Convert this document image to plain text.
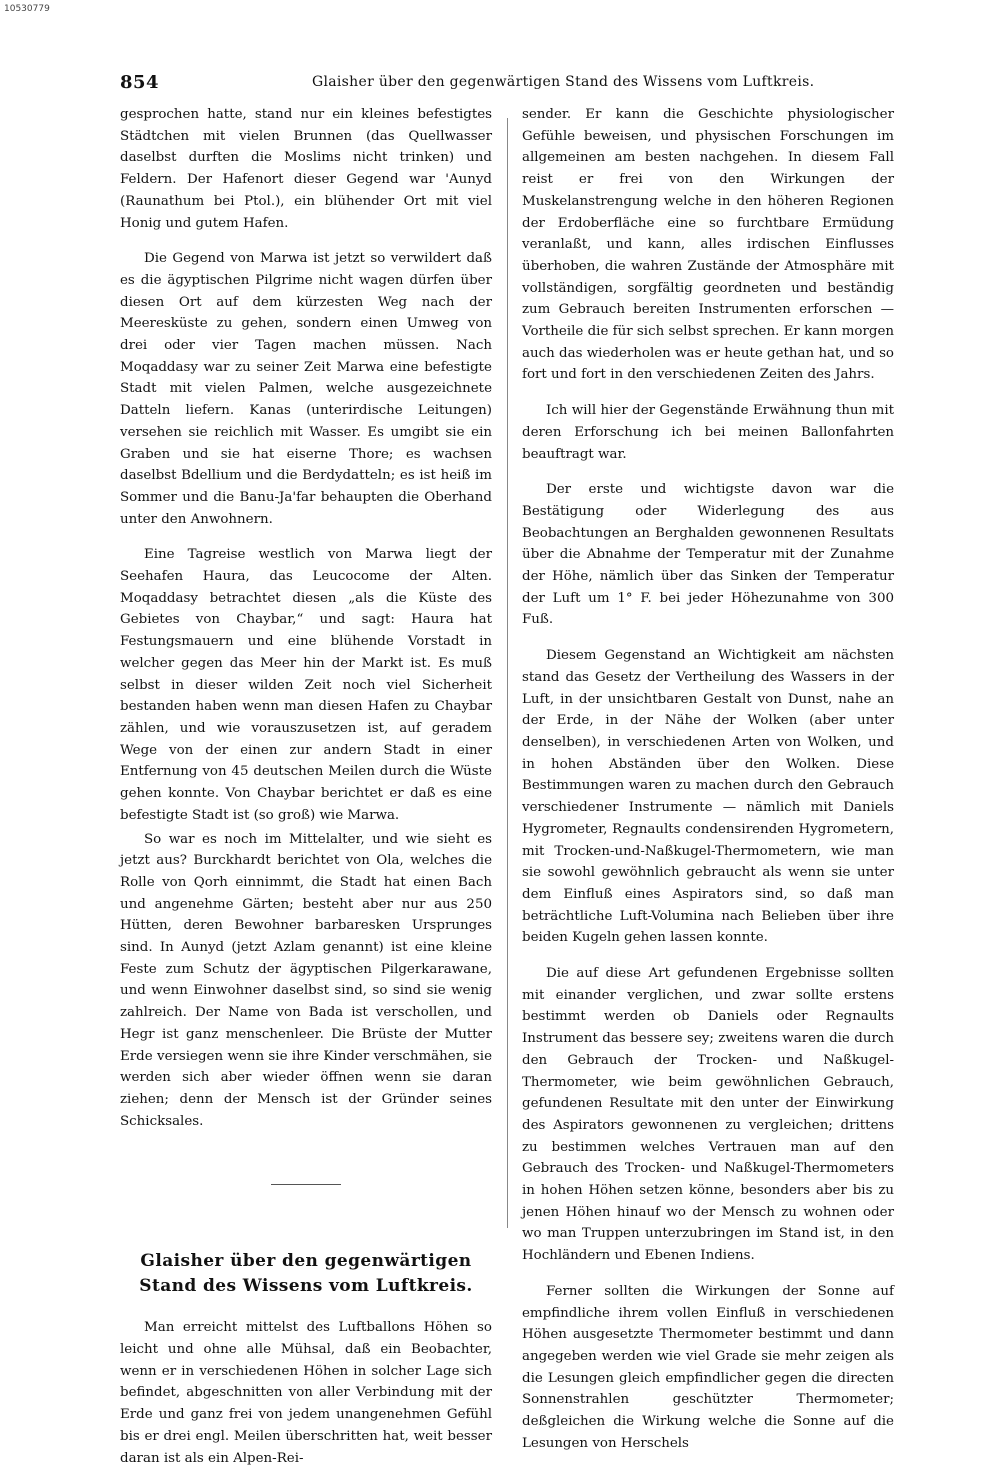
10530779
854	Glaisher über den gegenwärtigen Stand des Wissens vom Luftkreis.

gesprochen hatte, stand nur ein kleines befestigtes Städtchen mit vielen Brunnen (das Quellwasser daselbst durften die Moslims nicht trinken) und Feldern. Der Hafenort dieser Gegend war 'Aunyd (Raunathum bei Ptol.), ein blühender Ort mit viel Honig und gutem Hafen.

Die Gegend von Marwa ist jetzt so verwildert daß es die ägyptischen Pilgrime nicht wagen dürfen über diesen Ort auf dem kürzesten Weg nach der Meeresküste zu gehen, sondern einen Umweg von drei oder vier Tagen machen müssen. Nach Moqaddasy war zu seiner Zeit Marwa eine befestigte Stadt mit vielen Palmen, welche ausgezeichnete Datteln liefern. Kanas (unterirdische Leitungen) versehen sie reichlich mit Wasser. Es umgibt sie ein Graben und sie hat eiserne Thore; es wachsen daselbst Bdellium und die Berdydatteln; es ist heiß im Sommer und die Banu-Ja'far behaupten die Oberhand unter den Anwohnern.

Eine Tagreise westlich von Marwa liegt der Seehafen Haura, das Leucocome der Alten. Moqaddasy betrachtet diesen „als die Küste des Gebietes von Chaybar,“ und sagt: Haura hat Festungsmauern und eine blühende Vorstadt in welcher gegen das Meer hin der Markt ist. Es muß selbst in dieser wilden Zeit noch viel Sicherheit bestanden haben wenn man diesen Hafen zu Chaybar zählen, und wie vorauszusetzen ist, auf geradem Wege von der einen zur andern Stadt in einer Entfernung von 45 deutschen Meilen durch die Wüste gehen konnte. Von Chaybar berichtet er daß es eine befestigte Stadt ist (so groß) wie Marwa.

So war es noch im Mittelalter, und wie sieht es jetzt aus? Burckhardt berichtet von Ola, welches die Rolle von Qorh einnimmt, die Stadt hat einen Bach und angenehme Gärten; besteht aber nur aus 250 Hütten, deren Bewohner barbaresken Ursprunges sind. In Aunyd (jetzt Azlam genannt) ist eine kleine Feste zum Schutz der ägyptischen Pilgerkarawane, und wenn Einwohner daselbst sind, so sind sie wenig zahlreich. Der Name von Bada ist verschollen, und Hegr ist ganz menschenleer. Die Brüste der Mutter Erde versiegen wenn sie ihre Kinder verschmähen, sie werden sich aber wieder öffnen wenn sie daran ziehen; denn der Mensch ist der Gründer seines Schicksales.

Glaisher über den gegenwärtigen Stand des Wissens vom Luftkreis.

Man erreicht mittelst des Luftballons Höhen so leicht und ohne alle Mühsal, daß ein Beobachter, wenn er in verschiedenen Höhen in solcher Lage sich befindet, abgeschnitten von aller Verbindung mit der Erde und ganz frei von jedem unangenehmen Gefühl bis er drei engl. Meilen überschritten hat, weit besser daran ist als ein Alpen-Rei-

sender. Er kann die Geschichte physiologischer Gefühle beweisen, und physischen Forschungen im allgemeinen am besten nachgehen. In diesem Fall reist er frei von den Wirkungen der Muskelanstrengung welche in den höheren Regionen der Erdoberfläche eine so furchtbare Ermüdung veranlaßt, und kann, alles irdischen Einflusses überhoben, die wahren Zustände der Atmosphäre mit vollständigen, sorgfältig geordneten und beständig zum Gebrauch bereiten Instrumenten erforschen — Vortheile die für sich selbst sprechen. Er kann morgen auch das wiederholen was er heute gethan hat, und so fort und fort in den verschiedenen Zeiten des Jahrs.

Ich will hier der Gegenstände Erwähnung thun mit deren Erforschung ich bei meinen Ballonfahrten beauftragt war.

Der erste und wichtigste davon war die Bestätigung oder Widerlegung des aus Beobachtungen an Berghalden gewonnenen Resultats über die Abnahme der Temperatur mit der Zunahme der Höhe, nämlich über das Sinken der Temperatur der Luft um 1° F. bei jeder Höhezunahme von 300 Fuß.

Diesem Gegenstand an Wichtigkeit am nächsten stand das Gesetz der Vertheilung des Wassers in der Luft, in der unsichtbaren Gestalt von Dunst, nahe an der Erde, in der Nähe der Wolken (aber unter denselben), in verschiedenen Arten von Wolken, und in hohen Abständen über den Wolken. Diese Bestimmungen waren zu machen durch den Gebrauch verschiedener Instrumente — nämlich mit Daniels Hygrometer, Regnaults condensirenden Hygrometern, mit Trocken-und-Naßkugel-Thermometern, wie man sie sowohl gewöhnlich gebraucht als wenn sie unter dem Einfluß eines Aspirators sind, so daß man beträchtliche Luft-Volumina nach Belieben über ihre beiden Kugeln gehen lassen konnte.

Die auf diese Art gefundenen Ergebnisse sollten mit einander verglichen, und zwar sollte erstens bestimmt werden ob Daniels oder Regnaults Instrument das bessere sey; zweitens waren die durch den Gebrauch der Trocken- und Naßkugel-Thermometer, wie beim gewöhnlichen Gebrauch, gefundenen Resultate mit den unter der Einwirkung des Aspirators gewonnenen zu vergleichen; drittens zu bestimmen welches Vertrauen man auf den Gebrauch des Trocken- und Naßkugel-Thermometers in hohen Höhen setzen könne, besonders aber bis zu jenen Höhen hinauf wo der Mensch zu wohnen oder wo man Truppen unterzubringen im Stand ist, in den Hochländern und Ebenen Indiens.

Ferner sollten die Wirkungen der Sonne auf empfindliche ihrem vollen Einfluß in verschiedenen Höhen ausgesetzte Thermometer bestimmt und dann angegeben werden wie viel Grade sie mehr zeigen als die Lesungen gleich empfindlicher gegen die directen Sonnenstrahlen geschützter Thermometer; deßgleichen die Wirkung welche die Sonne auf die Lesungen von Herschels
